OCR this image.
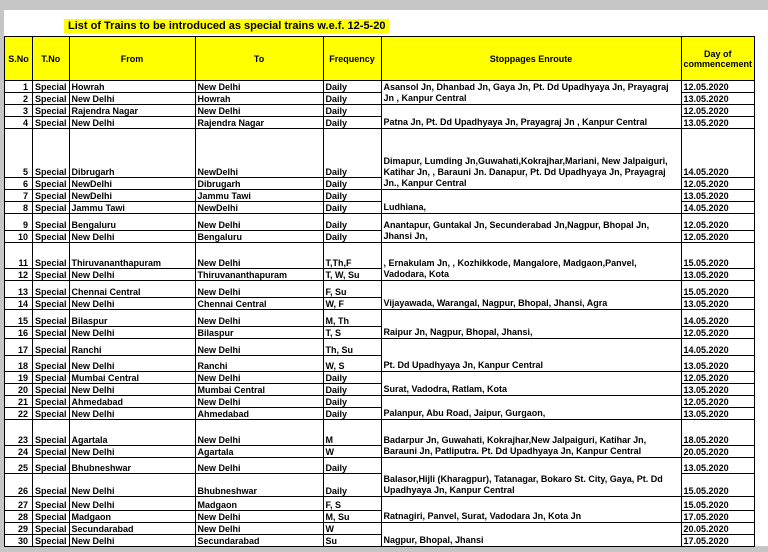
List of Trains to be introduced as special trains w.e.f. 12-5-20
S.No	T.No	From	To	Frequency	Stoppages Enroute	Day of commencement
1	Special	Howrah	New Delhi	Daily	Asansol Jn, Dhanbad Jn, Gaya Jn, Pt. Dd Upadhyaya Jn, Prayagraj Jn , Kanpur Central	12.05.2020
2	Special	New Delhi	Howrah	Daily		13.05.2020
3	Special	Rajendra Nagar	New Delhi	Daily	Patna Jn, Pt. Dd Upadhyaya Jn, Prayagraj Jn , Kanpur Central	12.05.2020
4	Special	New Delhi	Rajendra Nagar	Daily		13.05.2020
5	Special	Dibrugarh	NewDelhi	Daily	Dimapur, Lumding Jn,Guwahati,Kokrajhar,Mariani, New Jalpaiguri, Katihar Jn, , Barauni Jn. Danapur, Pt. Dd Upadhyaya Jn, Prayagraj Jn., Kanpur Central	14.05.2020
6	Special	NewDelhi	Dibrugarh	Daily		12.05.2020
7	Special	NewDelhi	Jammu Tawi	Daily	Ludhiana,	13.05.2020
8	Special	Jammu Tawi	NewDelhi	Daily		14.05.2020
9	Special	Bengaluru	New Delhi	Daily	Anantapur, Guntakal Jn, Secunderabad Jn,Nagpur, Bhopal Jn, Jhansi Jn,	12.05.2020
10	Special	New Delhi	Bengaluru	Daily		12.05.2020
11	Special	Thiruvananthapuram	New Delhi	T,Th,F	, Ernakulam Jn, , Kozhikkode, Mangalore, Madgaon,Panvel, Vadodara, Kota	15.05.2020
12	Special	New Delhi	Thiruvananthapuram	T, W, Su		13.05.2020
13	Special	Chennai Central	New Delhi	F, Su	Vijayawada, Warangal, Nagpur, Bhopal, Jhansi, Agra	15.05.2020
14	Special	New Delhi	Chennai Central	W, F		13.05.2020
15	Special	Bilaspur	New Delhi	M, Th	Raipur Jn, Nagpur, Bhopal, Jhansi,	14.05.2020
16	Special	New Delhi	Bilaspur	T, S		12.05.2020
17	Special	Ranchi	New Delhi	Th, Su	Pt. Dd Upadhyaya Jn, Kanpur Central	14.05.2020
18	Special	New Delhi	Ranchi	W, S		13.05.2020
19	Special	Mumbai Central	New Delhi	Daily	Surat, Vadodra, Ratlam, Kota	12.05.2020
20	Special	New Delhi	Mumbai Central	Daily		13.05.2020
21	Special	Ahmedabad	New Delhi	Daily	Palanpur, Abu Road, Jaipur, Gurgaon,	12.05.2020
22	Special	New Delhi	Ahmedabad	Daily		13.05.2020
23	Special	Agartala	New Delhi	M	Badarpur Jn, Guwahati, Kokrajhar,New Jalpaiguri, Katihar Jn, Barauni Jn, Patliputra. Pt. Dd Upadhyaya Jn, Kanpur Central	18.05.2020
24	Special	New Delhi	Agartala	W		20.05.2020
25	Special	Bhubneshwar	New Delhi	Daily	Balasor,Hijli (Kharagpur), Tatanagar, Bokaro St. City, Gaya, Pt. Dd Upadhyaya Jn, Kanpur Central	13.05.2020
26	Special	New Delhi	Bhubneshwar	Daily		15.05.2020
27	Special	New Delhi	Madgaon	F, S	Ratnagiri, Panvel, Surat, Vadodara Jn, Kota Jn	15.05.2020
28	Special	Madgaon	New Delhi	M, Su		17.05.2020
29	Special	Secundarabad	New Delhi	W	Nagpur, Bhopal, Jhansi	20.05.2020
30	Special	New Delhi	Secundarabad	Su		17.05.2020
